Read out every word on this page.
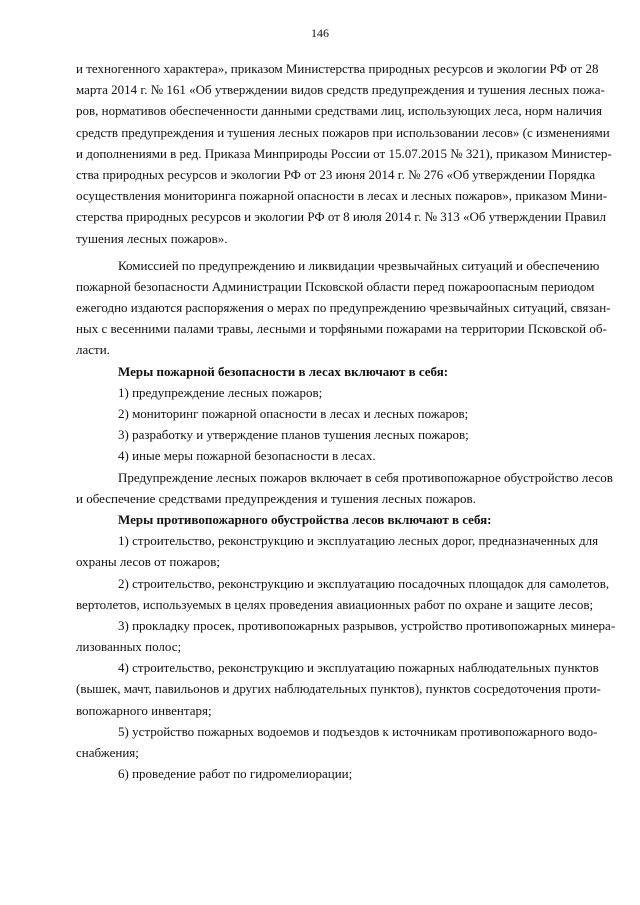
146
и техногенного характера», приказом Министерства природных ресурсов и экологии РФ от 28
марта 2014 г. № 161 «Об утверждении видов средств предупреждения и тушения лесных пожа-
ров, нормативов обеспеченности данными средствами лиц, использующих леса, норм наличия
средств предупреждения и тушения лесных пожаров при использовании лесов» (с изменениями
и дополнениями в ред. Приказа Минприроды России от 15.07.2015 № 321), приказом Министер-
ства природных ресурсов и экологии РФ от 23 июня 2014 г. № 276 «Об утверждении Порядка
осуществления мониторинга пожарной опасности в лесах и лесных пожаров», приказом Мини-
стерства природных ресурсов и экологии РФ от 8 июля 2014 г. № 313 «Об утверждении Правил
тушения лесных пожаров».
Комиссией по предупреждению и ликвидации чрезвычайных ситуаций и обеспечению
пожарной безопасности Администрации Псковской области перед пожароопасным периодом
ежегодно издаются распоряжения о мерах по предупреждению чрезвычайных ситуаций, связан-
ных с весенними палами травы, лесными и торфяными пожарами на территории Псковской об-
ласти.
Меры пожарной безопасности в лесах включают в себя:
1) предупреждение лесных пожаров;
2) мониторинг пожарной опасности в лесах и лесных пожаров;
3) разработку и утверждение планов тушения лесных пожаров;
4) иные меры пожарной безопасности в лесах.
Предупреждение лесных пожаров включает в себя противопожарное обустройство лесов
и обеспечение средствами предупреждения и тушения лесных пожаров.
Меры противопожарного обустройства лесов включают в себя:
1) строительство, реконструкцию и эксплуатацию лесных дорог, предназначенных для
охраны лесов от пожаров;
2) строительство, реконструкцию и эксплуатацию посадочных площадок для самолетов,
вертолетов, используемых в целях проведения авиационных работ по охране и защите лесов;
3) прокладку просек, противопожарных разрывов, устройство противопожарных минера-
лизованных полос;
4) строительство, реконструкцию и эксплуатацию пожарных наблюдательных пунктов
(вышек, мачт, павильонов и других наблюдательных пунктов), пунктов сосредоточения проти-
вопожарного инвентаря;
5) устройство пожарных водоемов и подъездов к источникам противопожарного водо-
снабжения;
6) проведение работ по гидромелиорации;
